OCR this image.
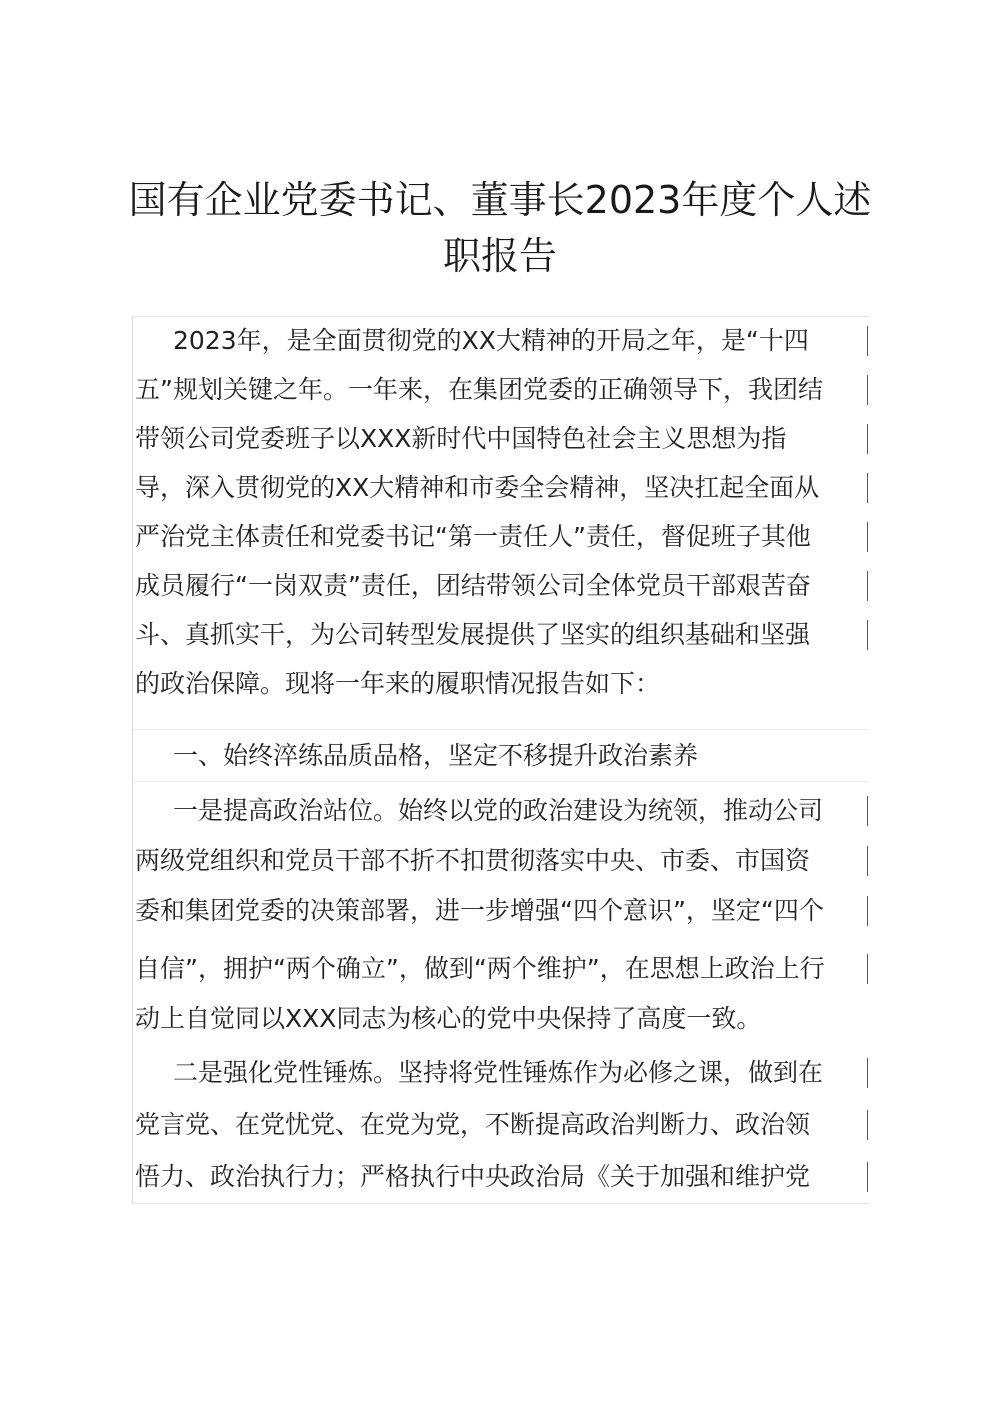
国有企业党委书记、董事长2023年度个人述
职报告
2023年，是全面贯彻党的XX大精神的开局之年，是“十四
五”规划关键之年。一年来，在集团党委的正确领导下，我团结
带领公司党委班子以XXX新时代中国特色社会主义思想为指
导，深入贯彻党的XX大精神和市委全会精神，坚决扛起全面从
严治党主体责任和党委书记“第一责任人”责任，督促班子其他
成员履行“一岗双责”责任，团结带领公司全体党员干部艰苦奋
斗、真抓实干，为公司转型发展提供了坚实的组织基础和坚强
的政治保障。现将一年来的履职情况报告如下：
一、始终淬练品质品格，坚定不移提升政治素养
一是提高政治站位。始终以党的政治建设为统领，推动公司
两级党组织和党员干部不折不扣贯彻落实中央、市委、市国资
委和集团党委的决策部署，进一步增强“四个意识”，坚定“四个
自信”，拥护“两个确立”，做到“两个维护”，在思想上政治上行
动上自觉同以XXX同志为核心的党中央保持了高度一致。
二是强化党性锤炼。坚持将党性锤炼作为必修之课，做到在
党言党、在党忧党、在党为党，不断提高政治判断力、政治领
悟力、政治执行力；严格执行中央政治局《关于加强和维护党
